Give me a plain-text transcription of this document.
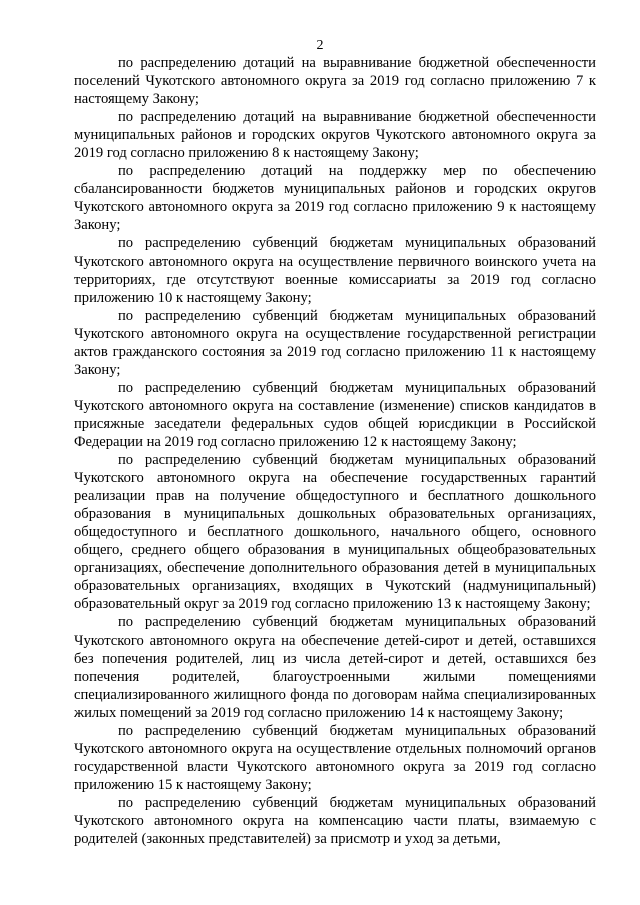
2

по распределению дотаций на выравнивание бюджетной обеспеченности поселений Чукотского автономного округа за 2019 год согласно приложению 7 к настоящему Закону;

по распределению дотаций на выравнивание бюджетной обеспеченности муниципальных районов и городских округов Чукотского автономного округа за 2019 год согласно приложению 8 к настоящему Закону;

по распределению дотаций на поддержку мер по обеспечению сбалансированности бюджетов муниципальных районов и городских округов Чукотского автономного округа за 2019 год согласно приложению 9 к настоящему Закону;

по распределению субвенций бюджетам муниципальных образований Чукотского автономного округа на осуществление первичного воинского учета на территориях, где отсутствуют военные комиссариаты за 2019 год согласно приложению 10 к настоящему Закону;

по распределению субвенций бюджетам муниципальных образований Чукотского автономного округа на осуществление государственной регистрации актов гражданского состояния за 2019 год согласно приложению 11 к настоящему Закону;

по распределению субвенций бюджетам муниципальных образований Чукотского автономного округа на составление (изменение) списков кандидатов в присяжные заседатели федеральных судов общей юрисдикции в Российской Федерации на 2019 год согласно приложению 12 к настоящему Закону;

по распределению субвенций бюджетам муниципальных образований Чукотского автономного округа на обеспечение государственных гарантий реализации прав на получение общедоступного и бесплатного дошкольного образования в муниципальных дошкольных образовательных организациях, общедоступного и бесплатного дошкольного, начального общего, основного общего, среднего общего образования в муниципальных общеобразовательных организациях, обеспечение дополнительного образования детей в муниципальных образовательных организациях, входящих в Чукотский (надмуниципальный) образовательный округ за 2019 год согласно приложению 13 к настоящему Закону;

по распределению субвенций бюджетам муниципальных образований Чукотского автономного округа на обеспечение детей-сирот и детей, оставшихся без попечения родителей, лиц из числа детей-сирот и детей, оставшихся без попечения родителей, благоустроенными жилыми помещениями специализированного жилищного фонда по договорам найма специализированных жилых помещений за 2019 год согласно приложению 14 к настоящему Закону;

по распределению субвенций бюджетам муниципальных образований Чукотского автономного округа на осуществление отдельных полномочий органов государственной власти Чукотского автономного округа за 2019 год согласно приложению 15 к настоящему Закону;

по распределению субвенций бюджетам муниципальных образований Чукотского автономного округа на компенсацию части платы, взимаемую с родителей (законных представителей) за присмотр и уход за детьми,
